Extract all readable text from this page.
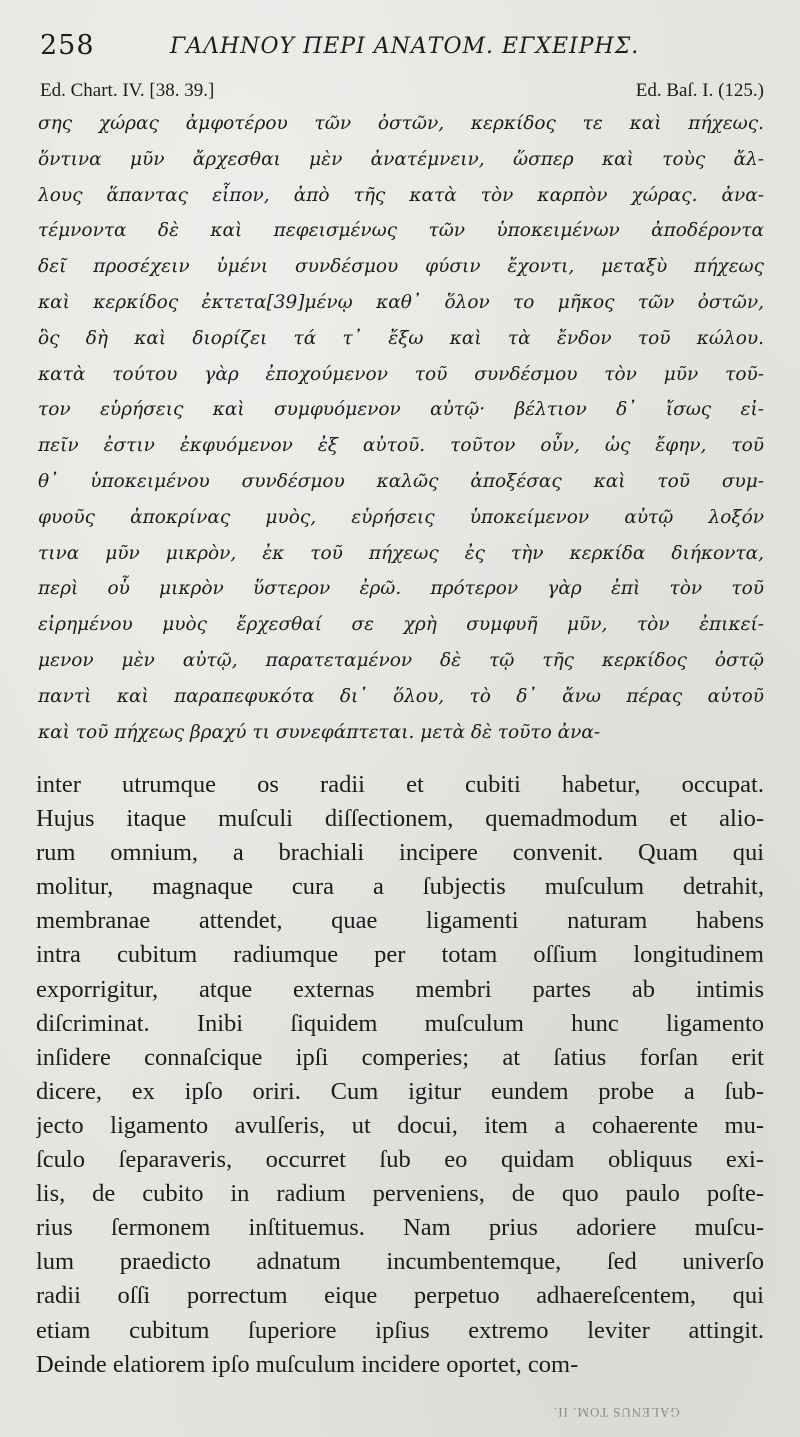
258	ΓΑΛΗΝΟΥ ΠΕΡΙ ΑΝΑΤΟΜ. ΕΓΧΕΙΡΗΣ.
Ed. Chart. IV. [38. 39.]	Ed. Baſ. I. (125.)
σης χώρας ἀμφοτέρου τῶν ὀστῶν, κερκίδος τε καὶ πήχεως.
ὅντινα μῦν ἄρχεσθαι μὲν ἀνατέμνειν, ὥσπερ καὶ τοὺς ἄλ-
λους ἅπαντας εἶπον, ἀπὸ τῆς κατὰ τὸν καρπὸν χώρας. ἀνα-
τέμνοντα δὲ καὶ πεφεισμένως τῶν ὑποκειμένων ἀποδέροντα
δεῖ προσέχειν ὑμένι συνδέσμου φύσιν ἔχοντι, μεταξὺ πήχεως
καὶ κερκίδος ἐκτετα[39]μένῳ καθ᾽ ὅλον το μῆκος τῶν ὀστῶν,
ὃς δὴ καὶ διορίζει τά τ᾽ ἔξω καὶ τὰ ἔνδον τοῦ κώλου.
κατὰ τούτου γὰρ ἐποχούμενον τοῦ συνδέσμου τὸν μῦν τοῦ-
τον εὑρήσεις καὶ συμφυόμενον αὐτῷ· βέλτιον δ᾽ ἴσως εἰ-
πεῖν ἐστιν ἐκφυόμενον ἐξ αὐτοῦ. τοῦτον οὖν, ὡς ἔφην, τοῦ
θ᾽ ὑποκειμένου συνδέσμου καλῶς ἀποξέσας καὶ τοῦ συμ-
φυοῦς ἀποκρίνας μυὸς, εὑρήσεις ὑποκείμενον αὐτῷ λοξόν
τινα μῦν μικρὸν, ἐκ τοῦ πήχεως ἐς τὴν κερκίδα διήκοντα,
περὶ οὗ μικρὸν ὕστερον ἐρῶ. πρότερον γὰρ ἐπὶ τὸν τοῦ
εἰρημένου μυὸς ἔρχεσθαί σε χρὴ συμφυῆ μῦν, τὸν ἐπικεί-
μενον μὲν αὐτῷ, παρατεταμένον δὲ τῷ τῆς κερκίδος ὀστῷ
παντὶ καὶ παραπεφυκότα δι᾽ ὅλου, τὸ δ᾽ ἄνω πέρας αὐτοῦ
καὶ τοῦ πήχεως βραχύ τι συνεφάπτεται. μετὰ δὲ τοῦτο ἀνα-
inter utrumque os radii et cubiti habetur, occupat.
Hujus itaque muſculi diſſectionem, quemadmodum et alio-
rum omnium, a brachiali incipere convenit. Quam qui
molitur, magnaque cura a ſubjectis muſculum detrahit,
membranae attendet, quae ligamenti naturam habens
intra cubitum radiumque per totam oſſium longitudinem
exporrigitur, atque externas membri partes ab intimis
diſcriminat. Inibi ſiquidem muſculum hunc ligamento
inſidere connaſcique ipſi comperies; at ſatius forſan erit
dicere, ex ipſo oriri. Cum igitur eundem probe a ſub-
jecto ligamento avulſeris, ut docui, item a cohaerente mu-
ſculo ſeparaveris, occurret ſub eo quidam obliquus exi-
lis, de cubito in radium perveniens, de quo paulo poſte-
rius ſermonem inſtituemus. Nam prius adoriere muſcu-
lum praedicto adnatum incumbentemque, ſed univerſo
radii oſſi porrectum eique perpetuo adhaereſcentem, qui
etiam cubitum ſuperiore ipſius extremo leviter attingit.
Deinde elatiorem ipſo muſculum incidere oportet, com-
GALENUS TOM. II.
